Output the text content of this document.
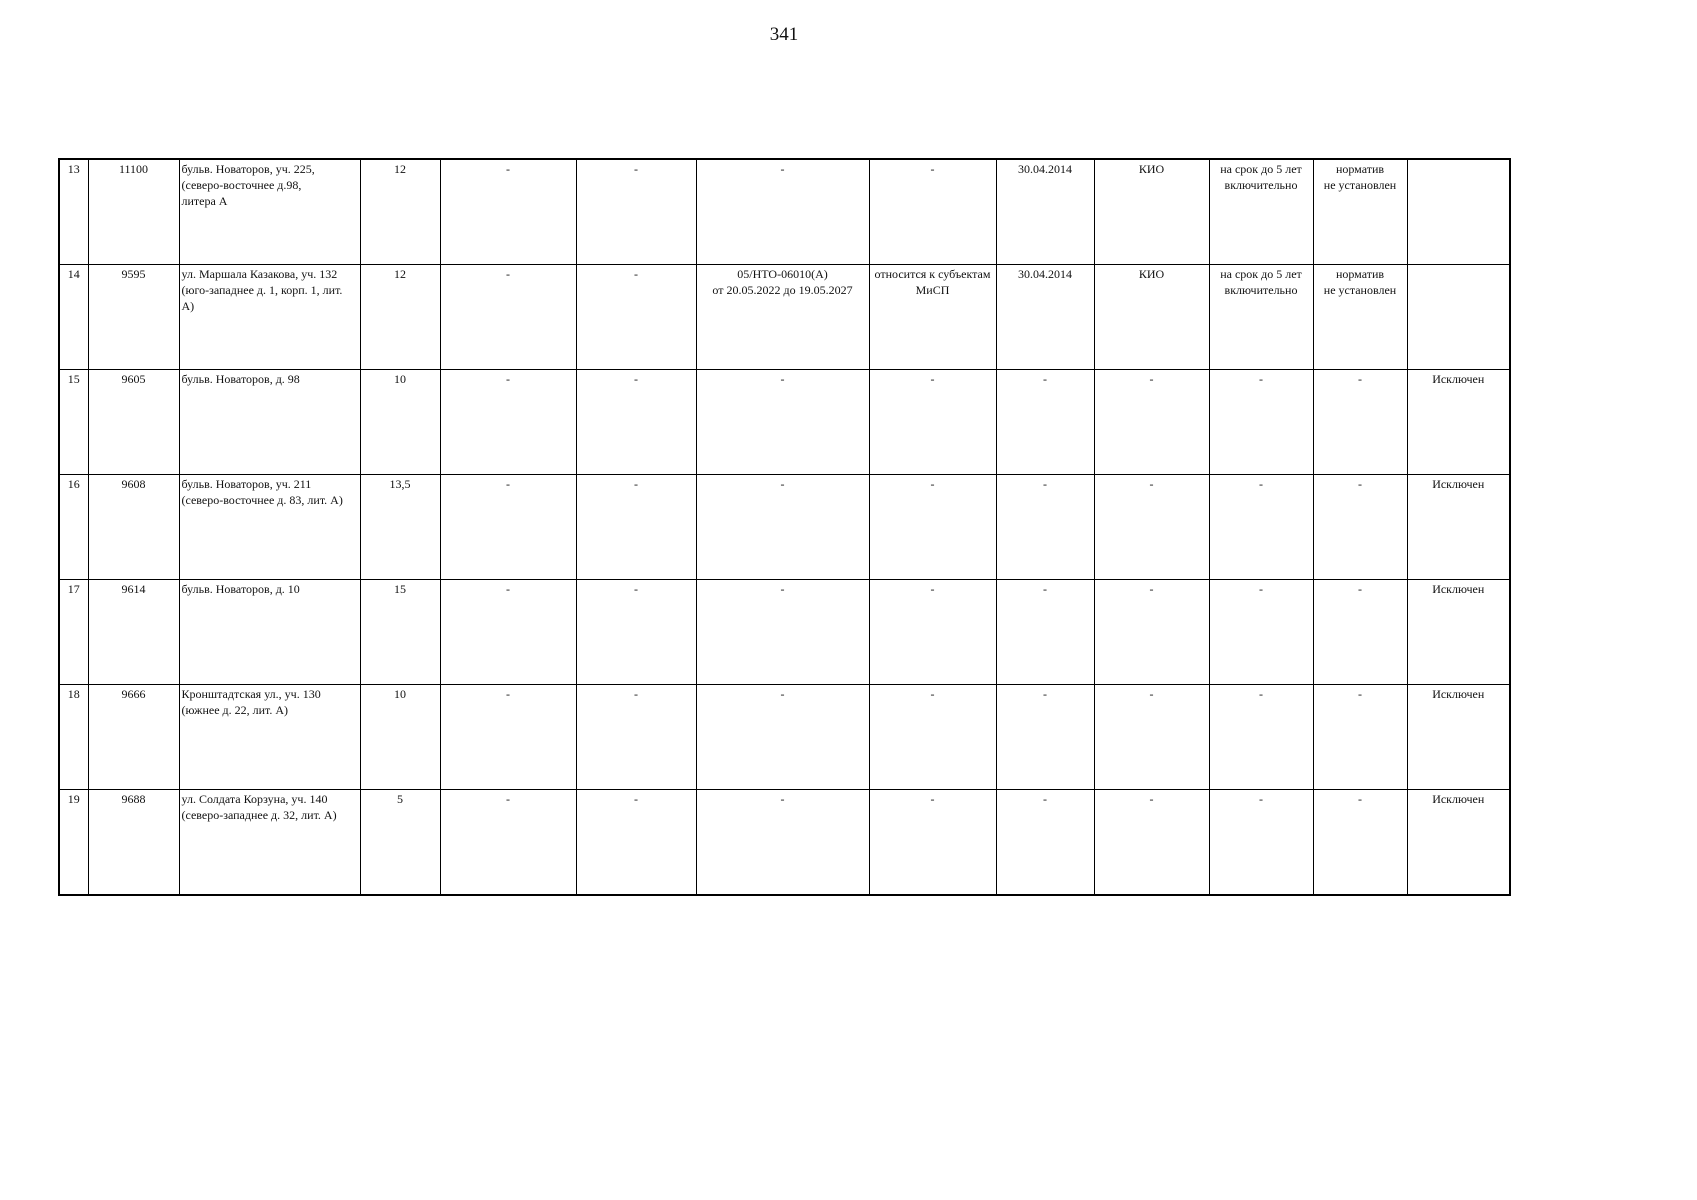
341
13	11100	бульв. Новаторов, уч. 225,
(северо-восточнее д.98,
литера А	12	-	-	-	-	30.04.2014	КИО	на срок до 5 лет
включительно	норматив
не установлен	
14	9595	ул. Маршала Казакова, уч. 132
(юго-западнее д. 1, корп. 1, лит.
А)	12	-	-	05/НТО-06010(А)
от 20.05.2022 до 19.05.2027	относится к субъектам
МиСП	30.04.2014	КИО	на срок до 5 лет
включительно	норматив
не установлен	
15	9605	бульв. Новаторов, д. 98	10	-	-	-	-	-	-	-	-	Исключен
16	9608	бульв. Новаторов, уч. 211
(северо-восточнее д. 83, лит. А)	13,5	-	-	-	-	-	-	-	-	Исключен
17	9614	бульв. Новаторов, д. 10	15	-	-	-	-	-	-	-	-	Исключен
18	9666	Кронштадтская ул., уч. 130
(южнее д. 22, лит. А)	10	-	-	-	-	-	-	-	-	Исключен
19	9688	ул. Солдата Корзуна, уч. 140
(северо-западнее д. 32, лит. А)	5	-	-	-	-	-	-	-	-	Исключен
